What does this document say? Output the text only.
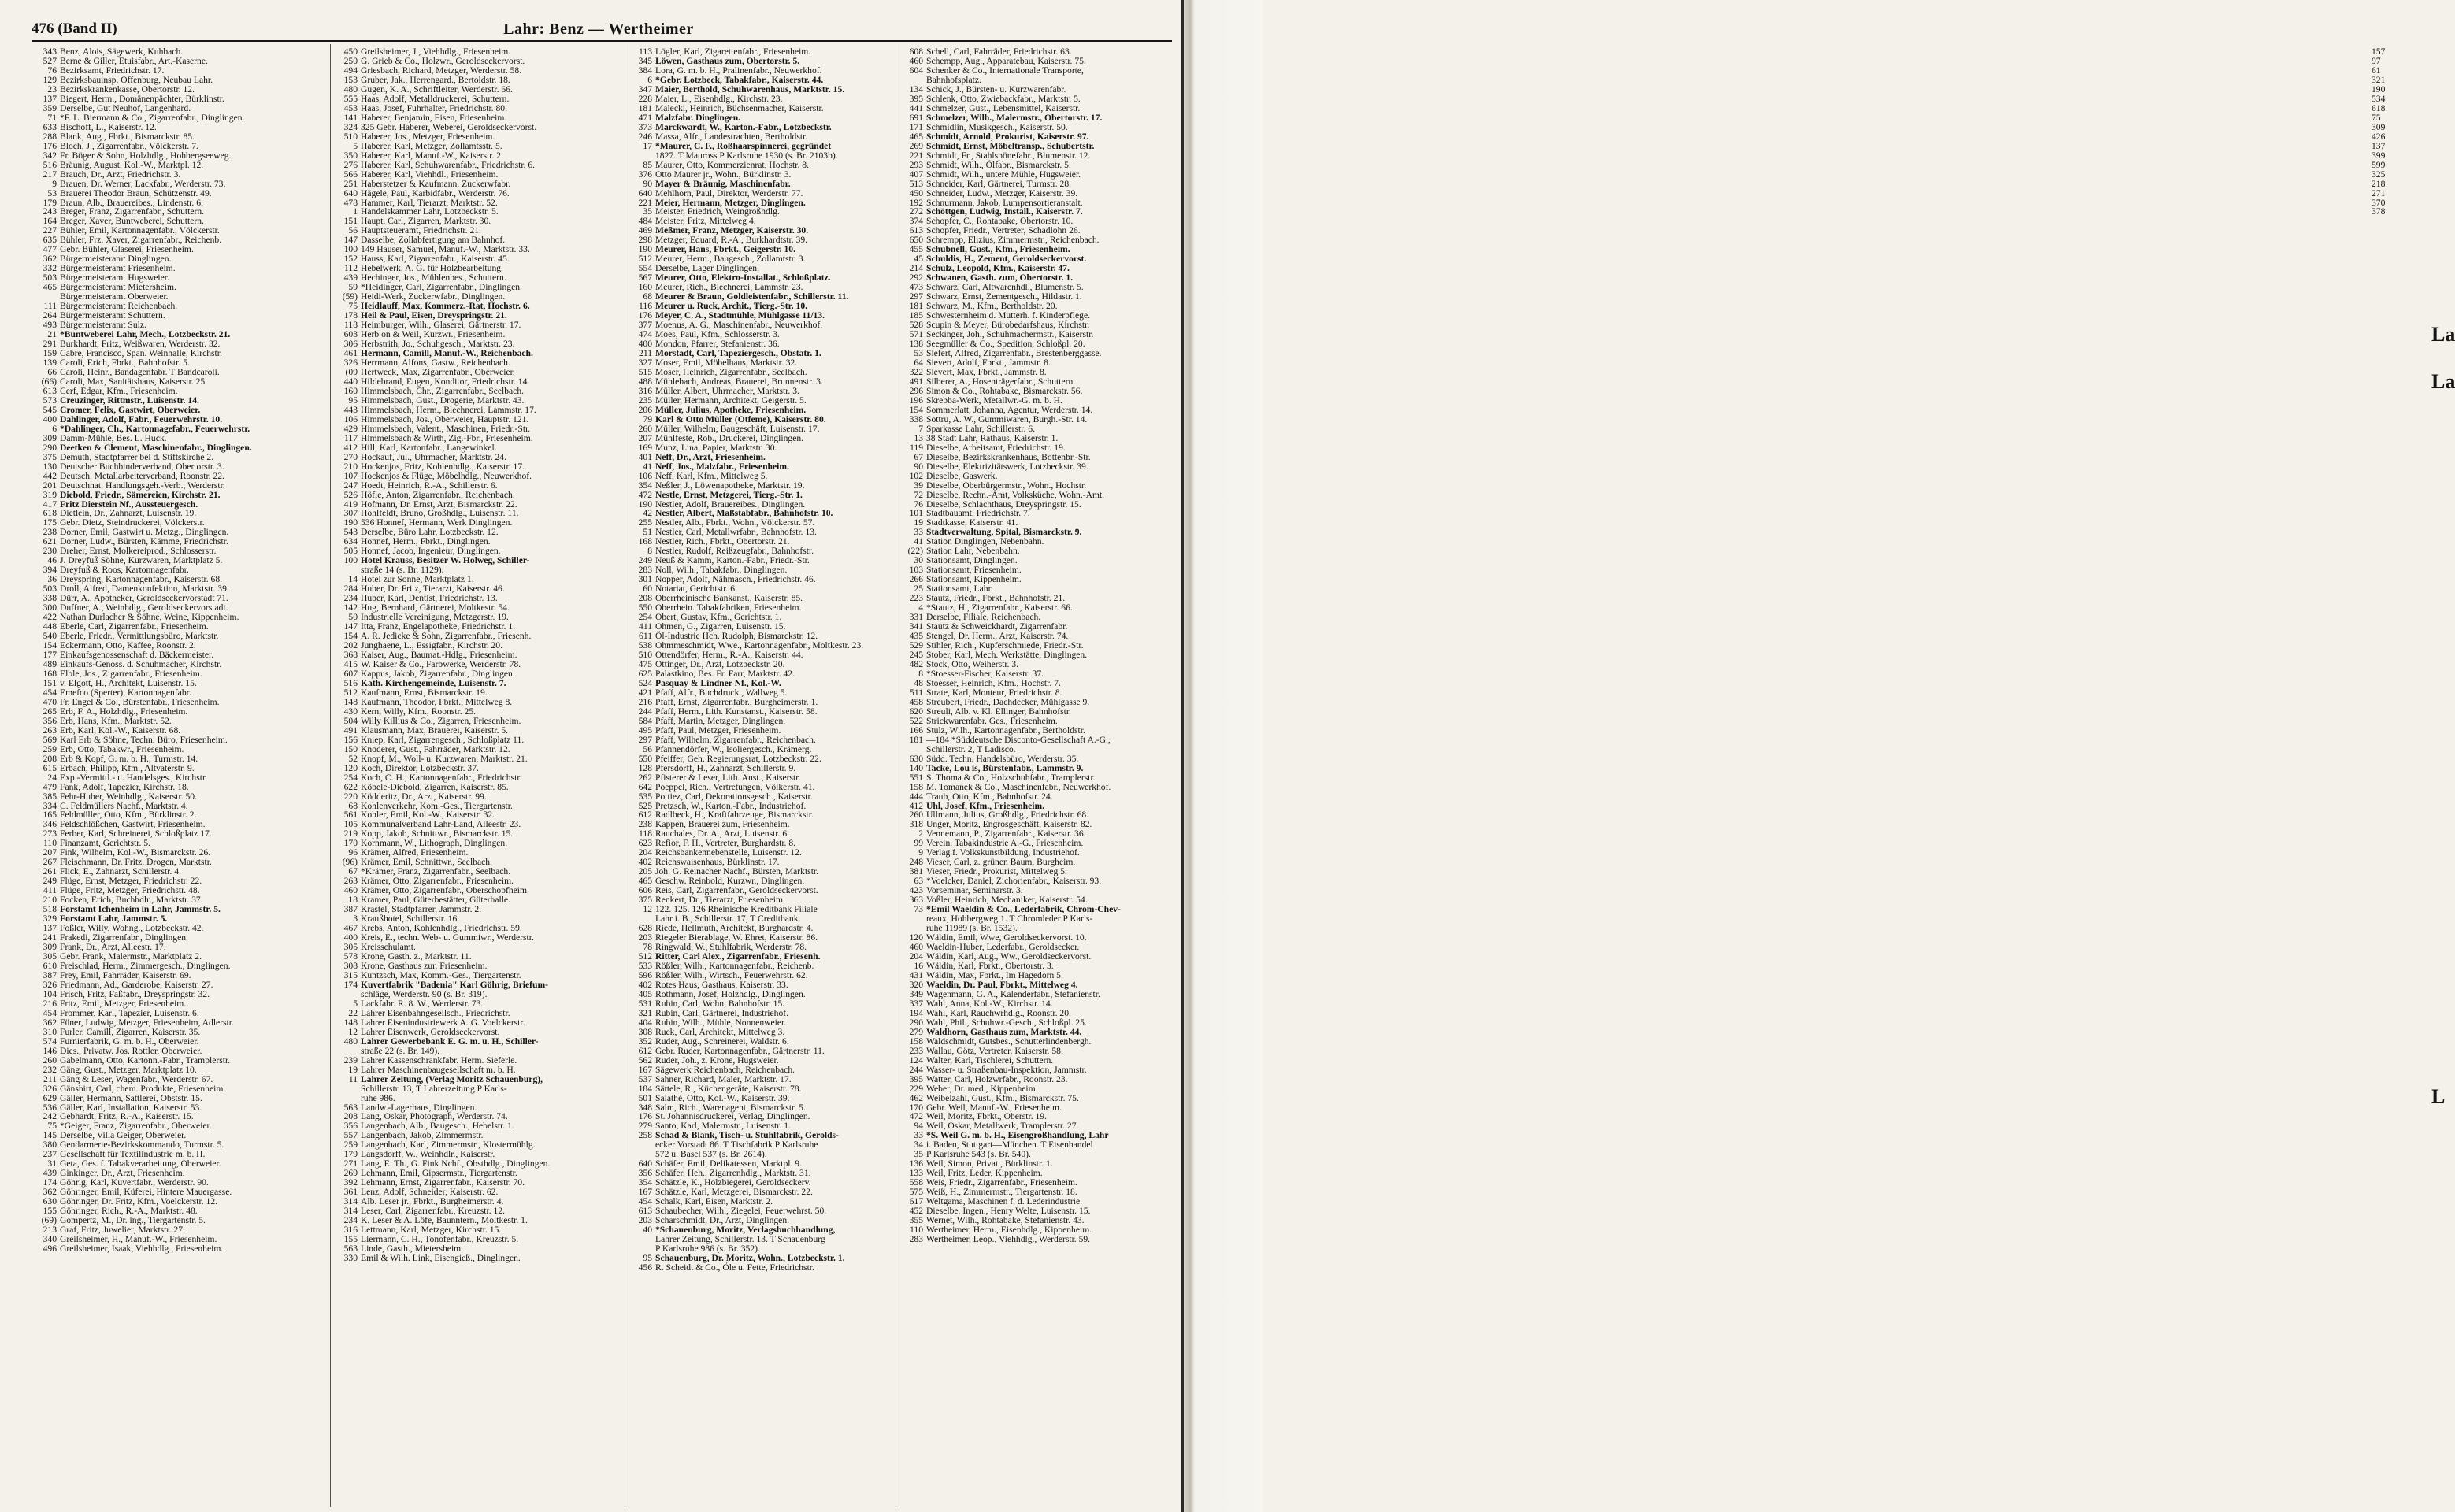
476 (Band II)	Lahr: Benz — Wertheimer
343 Benz, Alois, Sägewerk, Kuhbach.
527 Berne & Giller, Etuisfabr., Art.-Kaserne.
76 Bezirksamt, Friedrichstr. 17.
129 Bezirksbauinsp. Offenburg, Neubau Lahr.
23 Bezirkskrankenkasse, Obertorstr. 12.
137 Biegert, Herm., Domänenpächter, Bürklinstr.
359 Derselbe, Gut Neuhof, Langenhard.
71 *F. L. Biermann & Co., Zigarrenfabr., Dinglingen.
633 Bischoff, L., Kaiserstr. 12.
288 Blank, Aug., Fbrkt., Bismarckstr. 85.
176 Bloch, J., Zigarrenfabr., Völckerstr. 7.
342 Fr. Böger & Sohn, Holzhdlg., Hohbergseeweg.
516 Bräunig, August, Kol.-W., Marktpl. 12.
217 Brauch, Dr., Arzt, Friedrichstr. 3.
9 Brauen, Dr. Werner, Lackfabr., Werderstr. 73.
53 Brauerei Theodor Braun, Schützenstr. 49.
179 Braun, Alb., Brauereibes., Lindenstr. 6.
243 Breger, Franz, Zigarrenfabr., Schuttern.
164 Breger, Xaver, Buntweberei, Schuttern.
227 Bühler, Emil, Kartonnagenfabr., Völckerstr.
635 Bühler, Frz. Xaver, Zigarrenfabr., Reichenb.
477 Gebr. Bühler, Glaserei, Friesenheim.
362 Bürgermeisteramt Dinglingen.
332 Bürgermeisteramt Friesenheim.
503 Bürgermeisteramt Hugsweier.
465 Bürgermeisteramt Mietersheim.
Bürgermeisteramt Oberweier.
111 Bürgermeisteramt Reichenbach.
264 Bürgermeisteramt Schuttern.
493 Bürgermeisteramt Sulz.
21 *Buntweberei Lahr, Mech., Lotzbeckstr. 21.
291 Burkhardt, Fritz, Weißwaren, Werderstr. 32.
159 Cabre, Francisco, Span. Weinhalle, Kirchstr.
139 Caroli, Erich, Fbrkt., Bahnhofstr. 5.
66 Caroli, Heinr., Bandagenfabr. T Bandcaroli.
(66) Caroli, Max, Sanitätshaus, Kaiserstr. 25.
613 Cerf, Edgar, Kfm., Friesenheim.
573 Creuzinger, Rittmstr., Luisenstr. 14.
545 Cromer, Felix, Gastwirt, Oberweier.
400 Dahlinger, Adolf, Fabr., Feuerwehrstr. 10.
6 *Dahlinger, Ch., Kartonnagefabr., Feuerwehrstr.
309 Damm-Mühle, Bes. L. Huck.
290 Deetken & Clement, Maschinenfabr., Dinglingen.
375 Demuth, Stadtpfarrer bei d. Stiftskirche 2.
130 Deutscher Buchbinderverband, Obertorstr. 3.
442 Deutsch. Metallarbeiterverband, Roonstr. 22.
201 Deutschnat. Handlungsgeh.-Verb., Werderstr.
319 Diebold, Friedr., Sämereien, Kirchstr. 21.
417 Fritz Dierstein Nf., Aussteuergesch.
618 Dietlein, Dr., Zahnarzt, Luisenstr. 19.
175 Gebr. Dietz, Steindruckerei, Völckerstr.
238 Dorner, Emil, Gastwirt u. Metzg., Dinglingen.
621 Dorner, Ludw., Bürsten, Kämme, Friedrichstr.
230 Dreher, Ernst, Molkereiprod., Schlosserstr.
46 J. Dreyfuß Söhne, Kurzwaren, Marktplatz 5.
394 Dreyfuß & Roos, Kartonnagenfabr.
36 Dreyspring, Kartonnagenfabr., Kaiserstr. 68.
503 Droll, Alfred, Damenkonfektion, Marktstr. 39.
338 Dürr, A., Apotheker, Geroldseckervorstadt 71.
300 Duffner, A., Weinhdlg., Geroldseckervorstadt.
422 Nathan Durlacher & Söhne, Weine, Kippenheim.
448 Eberle, Carl, Zigarrenfabr., Friesenheim.
540 Eberle, Friedr., Vermittlungsbüro, Marktstr.
154 Eckermann, Otto, Kaffee, Roonstr. 2.
177 Einkaufsgenossenschaft d. Bäckermeister.
489 Einkaufs-Genoss. d. Schuhmacher, Kirchstr.
168 Elble, Jos., Zigarrenfabr., Friesenheim.
151 v. Elgott, H., Architekt, Luisenstr. 15.
454 Emefco (Sperter), Kartonnagenfabr.
470 Fr. Engel & Co., Bürstenfabr., Friesenheim.
265 Erb, F. A., Holzhdlg., Friesenheim.
356 Erb, Hans, Kfm., Marktstr. 52.
263 Erb, Karl, Kol.-W., Kaiserstr. 68.
569 Karl Erb & Söhne, Techn. Büro, Friesenheim.
259 Erb, Otto, Tabakwr., Friesenheim.
208 Erb & Kopf, G. m. b. H., Turmstr. 14.
615 Erbach, Philipp, Kfm., Altvaterstr. 9.
24 Exp.-Vermittl.- u. Handelsges., Kirchstr.
479 Fank, Adolf, Tapezier, Kirchstr. 18.
385 Fehr-Huber, Weinhdlg., Kaiserstr. 50.
334 C. Feldmüllers Nachf., Marktstr. 4.
165 Feldmüller, Otto, Kfm., Bürklinstr. 2.
346 Feldschlößchen, Gastwirt, Friesenheim.
273 Ferber, Karl, Schreinerei, Schloßplatz 17.
110 Finanzamt, Gerichtstr. 5.
207 Fink, Wilhelm, Kol.-W., Bismarckstr. 26.
267 Fleischmann, Dr. Fritz, Drogen, Marktstr.
261 Flick, E., Zahnarzt, Schillerstr. 4.
249 Flüge, Ernst, Metzger, Friedrichstr. 22.
411 Flüge, Fritz, Metzger, Friedrichstr. 48.
210 Focken, Erich, Buchhdlr., Marktstr. 37.
518 Forstamt Ichenheim in Lahr, Jammstr. 5.
329 Forstamt Lahr, Jammstr. 5.
137 Foßler, Willy, Wohng., Lotzbeckstr. 42.
241 Frakedi, Zigarrenfabr., Dinglingen.
309 Frank, Dr., Arzt, Alleestr. 17.
305 Gebr. Frank, Malermstr., Marktplatz 2.
610 Freischlad, Herm., Zimmergesch., Dinglingen.
387 Frey, Emil, Fahrräder, Kaiserstr. 69.
326 Friedmann, Ad., Garderobe, Kaiserstr. 27.
104 Frisch, Fritz, Faßfabr., Dreyspringstr. 32.
216 Fritz, Emil, Metzger, Friesenheim.
454 Frommer, Karl, Tapezier, Luisenstr. 6.
362 Füner, Ludwig, Metzger, Friesenheim, Adlerstr.
310 Furler, Camill, Zigarren, Kaiserstr. 35.
574 Furnierfabrik, G. m. b. H., Oberweier.
146 Dies., Privatw. Jos. Rottler, Oberweier.
260 Gabelmann, Otto, Kartonn.-Fabr., Tramplerstr.
232 Gäng, Gust., Metzger, Marktplatz 10.
211 Gäng & Leser, Wagenfabr., Werderstr. 67.
326 Gänshirt, Carl, chem. Produkte, Friesenheim.
629 Gäller, Hermann, Sattlerei, Obststr. 15.
536 Gäller, Karl, Installation, Kaiserstr. 53.
242 Gebhardt, Fritz, R.-A., Kaiserstr. 15.
75 *Geiger, Franz, Zigarrenfabr., Oberweier.
145 Derselbe, Villa Geiger, Oberweier.
380 Gendarmerie-Bezirkskommando, Turmstr. 5.
237 Gesellschaft für Textilindustrie m. b. H.
31 Geta, Ges. f. Tabakverarbeitung, Oberweier.
439 Ginkinger, Dr., Arzt, Friesenheim.
174 Göhrig, Karl, Kuvertfabr., Werderstr. 90.
362 Göhringer, Emil, Küferei, Hintere Mauergasse.
630 Göhringer, Dr. Fritz, Kfm., Voelckerstr. 12.
155 Göhringer, Rich., R.-A., Marktstr. 48.
(69) Gompertz, M., Dr. ing., Tiergartenstr. 5.
213 Graf, Fritz, Juwelier, Marktstr. 27.
340 Greilsheimer, H., Manuf.-W., Friesenheim.
496 Greilsheimer, Isaak, Viehhdlg., Friesenheim.
450 Greilsheimer, J., Viehhdlg., Friesenheim.
250 G. Grieb & Co., Holzwr., Geroldseckervorst.
494 Griesbach, Richard, Metzger, Werderstr. 58.
153 Gruber, Jak., Herrengard., Bertoldstr. 18.
480 Gugen, K. A., Schriftleiter, Werderstr. 66.
555 Haas, Adolf, Metalldruckerei, Schuttern.
453 Haas, Josef, Fuhrhalter, Friedrichstr. 80.
141 Haberer, Benjamin, Eisen, Friesenheim.
324 325 Gebr. Haberer, Weberei, Geroldseckervorst.
510 Haberer, Jos., Metzger, Friesenheim.
5 Haberer, Karl, Metzger, Zollamtsstr. 5.
350 Haberer, Karl, Manuf.-W., Kaiserstr. 2.
276 Haberer, Karl, Schuhwarenfabr., Friedrichstr. 6.
566 Haberer, Karl, Viehhdl., Friesenheim.
251 Haberstetzer & Kaufmann, Zuckerwfabr.
640 Hägele, Paul, Karbidfabr., Werderstr. 76.
478 Hammer, Karl, Tierarzt, Marktstr. 52.
1 Handelskammer Lahr, Lotzbeckstr. 5.
151 Haupt, Carl, Zigarren, Marktstr. 30.
56 Hauptsteueramt, Friedrichstr. 21.
147 Dasselbe, Zollabfertigung am Bahnhof.
100 149 Hauser, Samuel, Manuf.-W., Marktstr. 33.
152 Hauss, Karl, Zigarrenfabr., Kaiserstr. 45.
112 Hebelwerk, A. G. für Holzbearbeitung.
439 Hechinger, Jos., Mühlenbes., Schuttern.
59 *Heidinger, Carl, Zigarrenfabr., Dinglingen.
(59) Heidi-Werk, Zuckerwfabr., Dinglingen.
75 Heidlauff, Max, Kommerz.-Rat, Hochstr. 6.
178 Heil & Paul, Eisen, Dreyspringstr. 21.
118 Heimburger, Wilh., Glaserei, Gärtnerstr. 17.
603 Herb on & Weil, Kurzwr., Friesenheim.
306 Herbstrith, Jo., Schuhgesch., Marktstr. 23.
461 Hermann, Camill, Manuf.-W., Reichenbach.
326 Herrmann, Alfons, Gastw., Reichenbach.
(09 Hertweck, Max, Zigarrenfabr., Oberweier.
440 Hildebrand, Eugen, Konditor, Friedrichstr. 14.
160 Himmelsbach, Chr., Zigarrenfabr., Seelbach.
95 Himmelsbach, Gust., Drogerie, Marktstr. 43.
443 Himmelsbach, Herm., Blechnerei, Lammstr. 17.
106 Himmelsbach, Jos., Oberweier, Hauptstr. 121.
429 Himmelsbach, Valent., Maschinen, Friedr.-Str.
117 Himmelsbach & Wirth, Zig.-Fbr., Friesenheim.
412 Hill, Karl, Kartonfabr., Langewinkel.
270 Hockauf, Jul., Uhrmacher, Marktstr. 24.
210 Hockenjos, Fritz, Kohlenhdlg., Kaiserstr. 17.
107 Hockenjos & Flüge, Möbelhdlg., Neuwerkhof.
247 Hoedt, Heinrich, R.-A., Schillerstr. 6.
526 Höfle, Anton, Zigarrenfabr., Reichenbach.
419 Hofmann, Dr. Ernst, Arzt, Bismarckstr. 22.
307 Hohlfeldt, Bruno, Großhdlg., Luisenstr. 11.
190 536 Honnef, Hermann, Werk Dinglingen.
543 Derselbe, Büro Lahr, Lotzbeckstr. 12.
634 Honnef, Herm., Fbrkt., Dinglingen.
505 Honnef, Jacob, Ingenieur, Dinglingen.
100 Hotel Krauss, Besitzer W. Holweg, Schiller-
straße 14 (s. Br. 1129).
14 Hotel zur Sonne, Marktplatz 1.
284 Huber, Dr. Fritz, Tierarzt, Kaiserstr. 46.
234 Huber, Karl, Dentist, Friedrichstr. 13.
142 Hug, Bernhard, Gärtnerei, Moltkestr. 54.
50 Industrielle Vereinigung, Metzgerstr. 19.
147 Itta, Franz, Engelapotheke, Friedrichstr. 1.
154 A. R. Jedicke & Sohn, Zigarrenfabr., Friesenh.
202 Junghaene, L., Essigfabr., Kirchstr. 20.
368 Kaiser, Aug., Baumat.-Hdlg., Friesenheim.
415 W. Kaiser & Co., Farbwerke, Werderstr. 78.
607 Kappus, Jakob, Zigarrenfabr., Dinglingen.
516 Kath. Kirchengemeinde, Luisenstr. 7.
512 Kaufmann, Ernst, Bismarckstr. 19.
148 Kaufmann, Theodor, Fbrkt., Mittelweg 8.
430 Kern, Willy, Kfm., Roonstr. 25.
504 Willy Killius & Co., Zigarren, Friesenheim.
491 Klausmann, Max, Brauerei, Kaiserstr. 5.
156 Kniep, Karl, Zigarrengesch., Schloßplatz 11.
150 Knoderer, Gust., Fahrräder, Marktstr. 12.
52 Knopf, M., Woll- u. Kurzwaren, Marktstr. 21.
120 Koch, Direktor, Lotzbeckstr. 37.
254 Koch, C. H., Kartonnagenfabr., Friedrichstr.
622 Köbele-Diebold, Zigarren, Kaiserstr. 85.
220 Ködderitz, Dr., Arzt, Kaiserstr. 99.
68 Kohlenverkehr, Kom.-Ges., Tiergartenstr.
561 Kohler, Emil, Kol.-W., Kaiserstr. 32.
105 Kommunalverband Lahr-Land, Alleestr. 23.
219 Kopp, Jakob, Schnittwr., Bismarckstr. 15.
170 Kornmann, W., Lithograph, Dinglingen.
96 Krämer, Alfred, Friesenheim.
(96) Krämer, Emil, Schnittwr., Seelbach.
67 *Krämer, Franz, Zigarrenfabr., Seelbach.
263 Krämer, Otto, Zigarrenfabr., Friesenheim.
460 Krämer, Otto, Zigarrenfabr., Oberschopfheim.
18 Kramer, Paul, Güterbestätter, Güterhalle.
387 Krastel, Stadtpfarrer, Jammstr. 2.
3 Kraußhotel, Schillerstr. 16.
467 Krebs, Anton, Kohlenhdlg., Friedrichstr. 59.
400 Kreis, E., techn. Web- u. Gummiwr., Werderstr.
305 Kreisschulamt.
578 Krone, Gasth. z., Marktstr. 11.
308 Krone, Gasthaus zur, Friesenheim.
315 Kuntzsch, Max, Komm.-Ges., Tiergartenstr.
174 Kuvertfabrik "Badenia" Karl Göhrig, Briefum-
schläge, Werderstr. 90 (s. Br. 319).
5 Lackfabr. R. 8. W., Werderstr. 73.
22 Lahrer Eisenbahngesellsch., Friedrichstr.
148 Lahrer Eisenindustriewerk A. G. Voelckerstr.
12 Lahrer Eisenwerk, Geroldseckervorst.
480 Lahrer Gewerbebank E. G. m. u. H., Schiller-
straße 22 (s. Br. 149).
239 Lahrer Kassenschrankfabr. Herm. Sieferle.
19 Lahrer Maschinenbaugesellschaft m. b. H.
11 Lahrer Zeitung, (Verlag Moritz Schauenburg),
Schillerstr. 13, T Lahrerzeitung P Karls-
ruhe 986.
563 Landw.-Lagerhaus, Dinglingen.
208 Lang, Oskar, Photograph, Werderstr. 74.
356 Langenbach, Alb., Baugesch., Hebelstr. 1.
557 Langenbach, Jakob, Zimmermstr.
259 Langenbach, Karl, Zimmermstr., Klostermühlg.
179 Langsdorff, W., Weinhdlr., Kaiserstr.
271 Lang, E. Th., G. Fink Nchf., Obsthdlg., Dinglingen.
269 Lehmann, Emil, Gipsermstr., Tiergartenstr.
392 Lehmann, Ernst, Zigarrenfabr., Kaiserstr. 70.
361 Lenz, Adolf, Schneider, Kaiserstr. 62.
314 Alb. Leser jr., Fbrkt., Burgheimerstr. 4.
314 Leser, Carl, Zigarrenfabr., Kreuzstr. 12.
234 K. Leser & A. Löfe, Baunntern., Moltkestr. 1.
316 Lettmann, Karl, Metzger, Kirchstr. 15.
155 Liermann, C. H., Tonofenfabr., Kreuzstr. 5.
563 Linde, Gasth., Mietersheim.
330 Emil & Wilh. Link, Eisengieß., Dinglingen.
113 Lögler, Karl, Zigarettenfabr., Friesenheim.
345 Löwen, Gasthaus zum, Obertorstr. 5.
384 Lora, G. m. b. H., Pralinenfabr., Neuwerkhof.
6 *Gebr. Lotzbeck, Tabakfabr., Kaiserstr. 44.
347 Maier, Berthold, Schuhwarenhaus, Marktstr. 15.
228 Maier, L., Eisenhdlg., Kirchstr. 23.
181 Malecki, Heinrich, Büchsenmacher, Kaiserstr.
471 Malzfabr. Dinglingen.
373 Marckwardt, W., Karton.-Fabr., Lotzbeckstr.
246 Massa, Alfr., Landestrachten, Bertholdstr.
17 *Maurer, C. F., Roßhaarspinnerei, gegründet
1827. T Mauross P Karlsruhe 1930 (s. Br. 2103b).
85 Maurer, Otto, Kommerzienrat, Hochstr. 8.
376 Otto Maurer jr., Wohn., Bürklinstr. 3.
90 Mayer & Bräunig, Maschinenfabr.
640 Mehlhorn, Paul, Direktor, Werderstr. 77.
221 Meier, Hermann, Metzger, Dinglingen.
35 Meister, Friedrich, Weingroßhdlg.
484 Meister, Fritz, Mittelweg 4.
469 Meßmer, Franz, Metzger, Kaiserstr. 30.
298 Metzger, Eduard, R.-A., Burkhardtstr. 39.
190 Meurer, Hans, Fbrkt., Geigerstr. 10.
512 Meurer, Herm., Baugesch., Zollamtstr. 3.
554 Derselbe, Lager Dinglingen.
567 Meurer, Otto, Elektro-Installat., Schloßplatz.
160 Meurer, Rich., Blechnerei, Lammstr. 23.
68 Meurer & Braun, Goldleistenfabr., Schillerstr. 11.
116 Meurer u. Ruck, Archit., Tierg.-Str. 10.
176 Meyer, C. A., Stadtmühle, Mühlgasse 11/13.
377 Moenus, A. G., Maschinenfabr., Neuwerkhof.
474 Moes, Paul, Kfm., Schlosserstr. 3.
400 Mondon, Pfarrer, Stefanienstr. 36.
211 Morstadt, Carl, Tapeziergesch., Obstatr. 1.
327 Moser, Emil, Möbelhaus, Marktstr. 32.
515 Moser, Heinrich, Zigarrenfabr., Seelbach.
488 Mühlebach, Andreas, Brauerei, Brunnenstr. 3.
316 Müller, Albert, Uhrmacher, Marktstr. 3.
235 Müller, Hermann, Architekt, Geigerstr. 5.
206 Müller, Julius, Apotheke, Friesenheim.
79 Karl & Otto Müller (Otfeme), Kaiserstr. 80.
260 Müller, Wilhelm, Baugeschäft, Luisenstr. 17.
207 Mühlfeste, Rob., Druckerei, Dinglingen.
169 Munz, Lina, Papier, Marktstr. 30.
401 Neff, Dr., Arzt, Friesenheim.
41 Neff, Jos., Malzfabr., Friesenheim.
106 Neff, Karl, Kfm., Mittelweg 5.
354 Neßler, J., Löwenapotheke, Marktstr. 19.
472 Nestle, Ernst, Metzgerei, Tierg.-Str. 1.
190 Nestler, Adolf, Brauereibes., Dinglingen.
42 Nestler, Albert, Maßstabfabr., Bahnhofstr. 10.
255 Nestler, Alb., Fbrkt., Wohn., Völckerstr. 57.
51 Nestler, Carl, Metallwrfabr., Bahnhofstr. 13.
168 Nestler, Rich., Fbrkt., Obertorstr. 21.
8 Nestler, Rudolf, Reißzeugfabr., Bahnhofstr.
249 Neuß & Kamm, Karton.-Fabr., Friedr.-Str.
283 Noll, Wilh., Tabakfabr., Dinglingen.
301 Nopper, Adolf, Nähmasch., Friedrichstr. 46.
60 Notariat, Gerichtstr. 6.
208 Oberrheinische Bankanst., Kaiserstr. 85.
550 Oberrhein. Tabakfabriken, Friesenheim.
254 Obert, Gustav, Kfm., Gerichtstr. 1.
411 Ohmen, G., Zigarren, Luisenstr. 15.
611 Öl-Industrie Hch. Rudolph, Bismarckstr. 12.
538 Ohmmeschmidt, Wwe., Kartonnagenfabr., Moltkestr. 23.
510 Ottendörfer, Herm., R.-A., Kaiserstr. 44.
475 Ottinger, Dr., Arzt, Lotzbeckstr. 20.
625 Palastkino, Bes. Fr. Farr, Marktstr. 42.
524 Pasquay & Lindner Nf., Kol.-W.
421 Pfaff, Alfr., Buchdruck., Wallweg 5.
216 Pfaff, Ernst, Zigarrenfabr., Burgheimerstr. 1.
244 Pfaff, Herm., Lith. Kunstanst., Kaiserstr. 58.
584 Pfaff, Martin, Metzger, Dinglingen.
495 Pfaff, Paul, Metzger, Friesenheim.
297 Pfaff, Wilhelm, Zigarrenfabr., Reichenbach.
56 Pfannendörfer, W., Isoliergesch., Krämerg.
550 Pfeiffer, Geh. Regierungsrat, Lotzbeckstr. 22.
128 Pfersdorff, H., Zahnarzt, Schillerstr. 9.
262 Pfisterer & Leser, Lith. Anst., Kaiserstr.
642 Poeppel, Rich., Vertretungen, Völkerstr. 41.
535 Pottiez, Carl, Dekorationsgesch., Kaiserstr.
525 Pretzsch, W., Karton.-Fabr., Industriehof.
612 Radlbeck, H., Kraftfahrzeuge, Bismarckstr.
238 Kappen, Brauerei zum, Friesenheim.
118 Rauchales, Dr. A., Arzt, Luisenstr. 6.
623 Refior, F. H., Vertreter, Burghardstr. 8.
204 Reichsbankennebenstelle, Luisenstr. 12.
402 Reichswaisenhaus, Bürklinstr. 17.
205 Joh. G. Reinacher Nachf., Bürsten, Marktstr.
465 Geschw. Reinbold, Kurzwr., Dinglingen.
606 Reis, Carl, Zigarrenfabr., Geroldseckervorst.
375 Renkert, Dr., Tierarzt, Friesenheim.
12 122. 125. 126 Rheinische Kreditbank Filiale
Lahr i. B., Schillerstr. 17, T Creditbank.
628 Riede, Hellmuth, Architekt, Burghardstr. 4.
203 Riegeler Bierablage, W. Ehret, Kaiserstr. 86.
78 Ringwald, W., Stuhlfabrik, Werderstr. 78.
512 Ritter, Carl Alex., Zigarrenfabr., Friesenh.
533 Rößler, Wilh., Kartonnagenfabr., Reichenb.
596 Rößler, Wilh., Wirtsch., Feuerwehrstr. 62.
402 Rotes Haus, Gasthaus, Kaiserstr. 33.
405 Rothmann, Josef, Holzhdlg., Dinglingen.
531 Rubin, Carl, Wohn, Bahnhofstr. 15.
321 Rubin, Carl, Gärtnerei, Industriehof.
404 Rubin, Wilh., Mühle, Nonnenweier.
308 Ruck, Carl, Architekt, Mittelweg 3.
352 Ruder, Aug., Schreinerei, Waldstr. 6.
612 Gebr. Ruder, Kartonnagenfabr., Gärtnerstr. 11.
562 Ruder, Joh., z. Krone, Hugsweier.
167 Sägewerk Reichenbach, Reichenbach.
537 Sahner, Richard, Maler, Marktstr. 17.
184 Sättele, R., Küchengeräte, Kaiserstr. 78.
501 Salathé, Otto, Kol.-W., Kaiserstr. 39.
348 Salm, Rich., Warenagent, Bismarckstr. 5.
176 St. Johannisdruckerei, Verlag, Dinglingen.
279 Santo, Karl, Malermstr., Luisenstr. 1.
258 Schad & Blank, Tisch- u. Stuhlfabrik, Gerolds-
ecker Vorstadt 86. T Tischfabrik P Karlsruhe
572 u. Basel 537 (s. Br. 2614).
640 Schäfer, Emil, Delikatessen, Marktpl. 9.
356 Schäfer, Heh., Zigarrenhdlg., Marktstr. 31.
354 Schätzle, K., Holzbiegerei, Geroldseckerv.
167 Schätzle, Karl, Metzgerei, Bismarckstr. 22.
454 Schalk, Karl, Eisen, Marktstr. 2.
613 Schaubecher, Wilh., Ziegelei, Feuerwehrst. 50.
203 Scharschmidt, Dr., Arzt, Dinglingen.
40 *Schauenburg, Moritz, Verlagsbuchhandlung,
Lahrer Zeitung, Schillerstr. 13. T Schauenburg
P Karlsruhe 986 (s. Br. 352).
95 Schauenburg, Dr. Moritz, Wohn., Lotzbeckstr. 1.
456 R. Scheidt & Co., Öle u. Fette, Friedrichstr.
608 Schell, Carl, Fahrräder, Friedrichstr. 63.
460 Schempp, Aug., Apparatebau, Kaiserstr. 75.
604 Schenker & Co., Internationale Transporte,
Bahnhofsplatz.
134 Schick, J., Bürsten- u. Kurzwarenfabr.
395 Schlenk, Otto, Zwiebackfabr., Marktstr. 5.
441 Schmelzer, Gust., Lebensmittel, Kaiserstr.
691 Schmelzer, Wilh., Malermstr., Obertorstr. 17.
171 Schmidlin, Musikgesch., Kaiserstr. 50.
465 Schmidt, Arnold, Prokurist, Kaiserstr. 97.
269 Schmidt, Ernst, Möbeltransp., Schubertstr.
221 Schmidt, Fr., Stahlspönefabr., Blumenstr. 12.
293 Schmidt, Wilh., Ölfabr., Bismarckstr. 5.
407 Schmidt, Wilh., untere Mühle, Hugsweier.
513 Schneider, Karl, Gärtnerei, Turmstr. 28.
450 Schneider, Ludw., Metzger, Kaiserstr. 39.
192 Schnurmann, Jakob, Lumpensortieranstalt.
272 Schöttgen, Ludwig, Install., Kaiserstr. 7.
374 Schopfer, C., Rohtabake, Obertorstr. 10.
613 Schopfer, Friedr., Vertreter, Schadlohn 26.
650 Schrempp, Elizius, Zimmermstr., Reichenbach.
455 Schubnell, Gust., Kfm., Friesenheim.
45 Schuldis, H., Zement, Geroldseckervorst.
214 Schulz, Leopold, Kfm., Kaiserstr. 47.
292 Schwanen, Gasth. zum, Obertorstr. 1.
473 Schwarz, Carl, Altwarenhdl., Blumenstr. 5.
297 Schwarz, Ernst, Zementgesch., Hildastr. 1.
181 Schwarz, M., Kfm., Bertholdstr. 20.
185 Schwesternheim d. Mutterh. f. Kinderpflege.
528 Scupin & Meyer, Bürobedarfshaus, Kirchstr.
571 Seckinger, Joh., Schuhmachermstr., Kaiserstr.
138 Seegmüller & Co., Spedition, Schloßpl. 20.
53 Siefert, Alfred, Zigarrenfabr., Brestenberggasse.
64 Sievert, Adolf, Fbrkt., Jammstr. 8.
322 Sievert, Max, Fbrkt., Jammstr. 8.
491 Silberer, A., Hosenträgerfabr., Schuttern.
296 Simon & Co., Rohtabake, Bismarckstr. 56.
196 Skrebba-Werk, Metallwr.-G. m. b. H.
154 Sommerlatt, Johanna, Agentur, Werderstr. 14.
338 Sottru, A. W., Gummiwaren, Burgh.-Str. 14.
7 Sparkasse Lahr, Schillerstr. 6.
13 38 Stadt Lahr, Rathaus, Kaiserstr. 1.
119 Dieselbe, Arbeitsamt, Friedrichstr. 19.
67 Dieselbe, Bezirkskrankenhaus, Bottenbr.-Str.
90 Dieselbe, Elektrizitätswerk, Lotzbeckstr. 39.
102 Dieselbe, Gaswerk.
39 Dieselbe, Oberbürgermstr., Wohn., Hochstr.
72 Dieselbe, Rechn.-Amt, Volksküche, Wohn.-Amt.
76 Dieselbe, Schlachthaus, Dreyspringstr. 15.
101 Stadtbauamt, Friedrichstr. 7.
19 Stadtkasse, Kaiserstr. 41.
33 Stadtverwaltung, Spital, Bismarckstr. 9.
41 Station Dinglingen, Nebenbahn.
(22) Station Lahr, Nebenbahn.
30 Stationsamt, Dinglingen.
103 Stationsamt, Friesenheim.
266 Stationsamt, Kippenheim.
25 Stationsamt, Lahr.
223 Stautz, Friedr., Fbrkt., Bahnhofstr. 21.
4 *Stautz, H., Zigarrenfabr., Kaiserstr. 66.
331 Derselbe, Filiale, Reichenbach.
341 Stautz & Schweickhardt, Zigarrenfabr.
435 Stengel, Dr. Herm., Arzt, Kaiserstr. 74.
529 Stihler, Rich., Kupferschmiede, Friedr.-Str.
245 Stober, Karl, Mech. Werkstätte, Dinglingen.
482 Stock, Otto, Weiherstr. 3.
8 *Stoesser-Fischer, Kaiserstr. 37.
48 Stoesser, Heinrich, Kfm., Hochstr. 7.
511 Strate, Karl, Monteur, Friedrichstr. 8.
458 Streubert, Friedr., Dachdecker, Mühlgasse 9.
620 Streuli, Alb. v. Kl. Ellinger, Bahnhofstr.
522 Strickwarenfabr. Ges., Friesenheim.
166 Stulz, Wilh., Kartonnagenfabr., Bertholdstr.
181 —184 *Süddeutsche Disconto-Gesellschaft A.-G.,
Schillerstr. 2, T Ladisco.
630 Südd. Techn. Handelsbüro, Werderstr. 35.
140 Tacke, Lou is, Bürstenfabr., Lammstr. 9.
551 S. Thoma & Co., Holzschuhfabr., Tramplerstr.
158 M. Tomanek & Co., Maschinenfabr., Neuwerkhof.
444 Traub, Otto, Kfm., Bahnhofstr. 24.
412 Uhl, Josef, Kfm., Friesenheim.
260 Ullmann, Julius, Großhdlg., Friedrichstr. 68.
318 Unger, Moritz, Engrosgeschäft, Kaiserstr. 82.
2 Vennemann, P., Zigarrenfabr., Kaiserstr. 36.
99 Verein. Tabakindustrie A.-G., Friesenheim.
9 Verlag f. Volkskunstbildung, Industriehof.
248 Vieser, Carl, z. grünen Baum, Burgheim.
381 Vieser, Friedr., Prokurist, Mittelweg 5.
63 *Voelcker, Daniel, Zichorienfabr., Kaiserstr. 93.
423 Vorseminar, Seminarstr. 3.
363 Voßler, Heinrich, Mechaniker, Kaiserstr. 54.
73 *Emil Waeldin & Co., Lederfabrik, Chrom-Chev-
reaux, Hohbergweg 1. T Chromleder P Karls-
ruhe 11989 (s. Br. 1532).
120 Wäldin, Emil, Wwe, Geroldseckervorst. 10.
460 Waeldin-Huber, Lederfabr., Geroldsecker.
204 Wäldin, Karl, Aug., Ww., Geroldseckervorst.
16 Wäldin, Karl, Fbrkt., Obertorstr. 3.
431 Wäldin, Max, Fbrkt., Im Hagedorn 5.
320 Waeldin, Dr. Paul, Fbrkt., Mittelweg 4.
349 Wagenmann, G. A., Kalenderfabr., Stefanienstr.
337 Wahl, Anna, Kol.-W., Kirchstr. 14.
194 Wahl, Karl, Rauchwrhdlg., Roonstr. 20.
290 Wahl, Phil., Schuhwr.-Gesch., Schloßpl. 25.
279 Waldhorn, Gasthaus zum, Marktstr. 44.
158 Waldschmidt, Gutsbes., Schutterlindenbergh.
233 Wallau, Götz, Vertreter, Kaiserstr. 58.
124 Walter, Karl, Tischlerei, Schuttern.
244 Wasser- u. Straßenbau-Inspektion, Jammstr.
395 Watter, Carl, Holzwrfabr., Roonstr. 23.
229 Weber, Dr. med., Kippenheim.
462 Weibelzahl, Gust., Kfm., Bismarckstr. 75.
170 Gebr. Weil, Manuf.-W., Friesenheim.
472 Weil, Moritz, Fbrkt., Oberstr. 19.
94 Weil, Oskar, Metallwerk, Tramplerstr. 27.
33 *S. Weil G. m. b. H., Eisengroßhandlung, Lahr
34 i. Baden, Stuttgart—München. T Eisenhandel
35 P Karlsruhe 543 (s. Br. 540).
136 Weil, Simon, Privat., Bürklinstr. 1.
133 Weil, Fritz, Leder, Kippenheim.
558 Weis, Friedr., Zigarrenfabr., Friesenheim.
575 Weiß, H., Zimmermstr., Tiergartenstr. 18.
617 Weltgama, Maschinen f. d. Lederindustrie.
452 Dieselbe, Ingen., Henry Welte, Luisenstr. 15.
355 Wernet, Wilh., Rohtabake, Stefanienstr. 43.
110 Wertheimer, Herm., Eisenhdlg., Kippenheim.
283 Wertheimer, Leop., Viehhdlg., Werderstr. 59.
157
97
61
321
190
534
618
75
309
426
137
399
599
325
218
271
370
378
La
La
L
